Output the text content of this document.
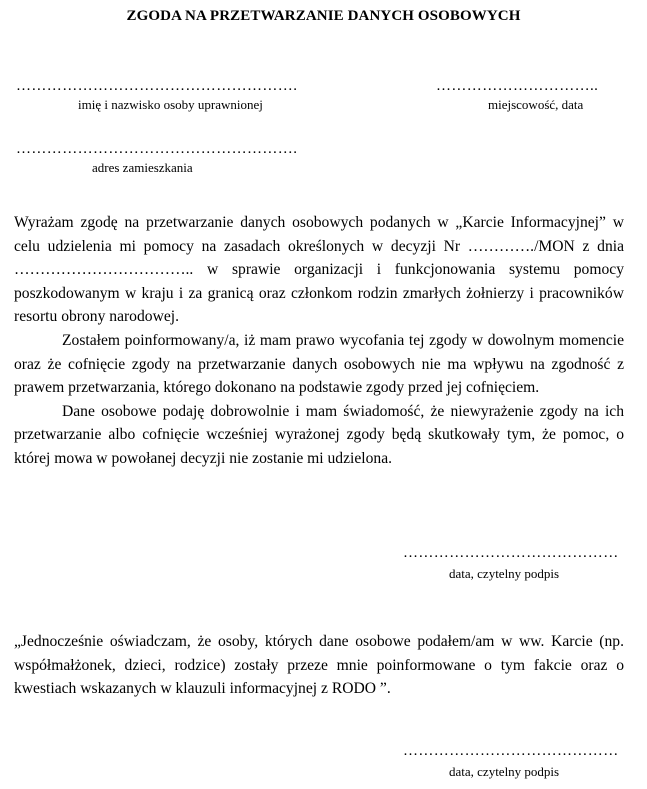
ZGODA NA PRZETWARZANIE DANYCH OSOBOWYCH
……………………………………………….
imię i nazwisko osoby uprawnionej
…………………………..
miejscowość, data
……………………………………………….
adres zamieszkania

Wyrażam zgodę na przetwarzanie danych osobowych podanych w „Karcie Informacyjnej” w celu udzielenia mi pomocy na zasadach określonych w decyzji Nr …………./MON z dnia …………………………….. w sprawie organizacji i funkcjonowania systemu pomocy poszkodowanym w kraju i za granicą oraz członkom rodzin zmarłych żołnierzy i pracowników resortu obrony narodowej.

Zostałem poinformowany/a, iż mam prawo wycofania tej zgody w dowolnym momencie oraz że cofnięcie zgody na przetwarzanie danych osobowych nie ma wpływu na zgodność z prawem przetwarzania, którego dokonano na podstawie zgody przed jej cofnięciem.

Dane osobowe podaję dobrowolnie i mam świadomość, że niewyrażenie zgody na ich przetwarzanie albo cofnięcie wcześniej wyrażonej zgody będą skutkowały tym, że pomoc, o której mowa w powołanej decyzji nie zostanie mi udzielona.

……………………………………
data, czytelny podpis
„Jednocześnie oświadczam, że osoby, których dane osobowe podałem/am w ww. Karcie (np. współmałżonek, dzieci, rodzice) zostały przeze mnie poinformowane o tym fakcie oraz o kwestiach wskazanych w klauzuli informacyjnej z RODO ”.
……………………………………
data, czytelny podpis
